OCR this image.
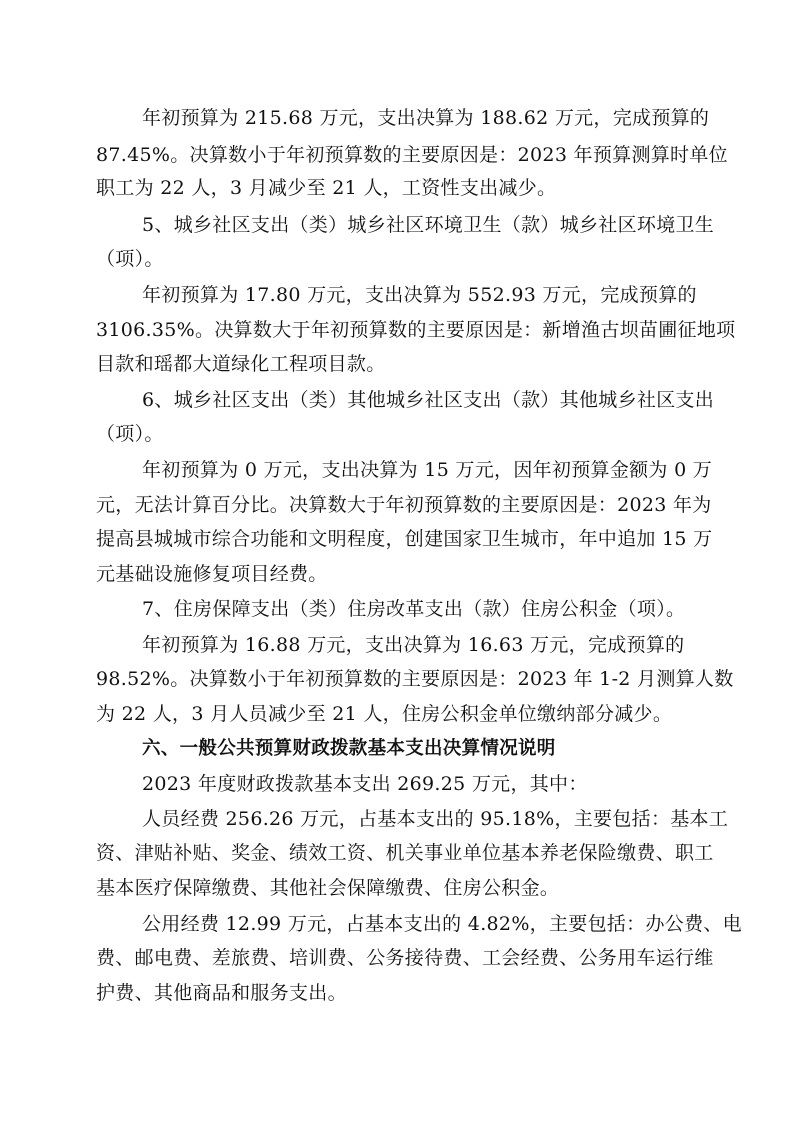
年初预算为 215.68 万元，支出决算为 188.62 万元，完成预算的
87.45%。决算数小于年初预算数的主要原因是：2023 年预算测算时单位
职工为 22 人，3 月减少至 21 人，工资性支出减少。
5、城乡社区支出（类）城乡社区环境卫生（款）城乡社区环境卫生
（项）。
年初预算为 17.80 万元，支出决算为 552.93 万元，完成预算的
3106.35%。决算数大于年初预算数的主要原因是：新增渔古坝苗圃征地项
目款和瑶都大道绿化工程项目款。
6、城乡社区支出（类）其他城乡社区支出（款）其他城乡社区支出
（项）。
年初预算为 0 万元，支出决算为 15 万元，因年初预算金额为 0 万
元，无法计算百分比。决算数大于年初预算数的主要原因是：2023 年为
提高县城城市综合功能和文明程度，创建国家卫生城市，年中追加 15 万
元基础设施修复项目经费。
7、住房保障支出（类）住房改革支出（款）住房公积金（项）。
年初预算为 16.88 万元，支出决算为 16.63 万元，完成预算的
98.52%。决算数小于年初预算数的主要原因是：2023 年 1-2 月测算人数
为 22 人，3 月人员减少至 21 人，住房公积金单位缴纳部分减少。
六、一般公共预算财政拨款基本支出决算情况说明
2023 年度财政拨款基本支出 269.25 万元，其中：
人员经费 256.26 万元，占基本支出的 95.18%，主要包括：基本工
资、津贴补贴、奖金、绩效工资、机关事业单位基本养老保险缴费、职工
基本医疗保障缴费、其他社会保障缴费、住房公积金。
公用经费 12.99 万元，占基本支出的 4.82%，主要包括：办公费、电
费、邮电费、差旅费、培训费、公务接待费、工会经费、公务用车运行维
护费、其他商品和服务支出。
